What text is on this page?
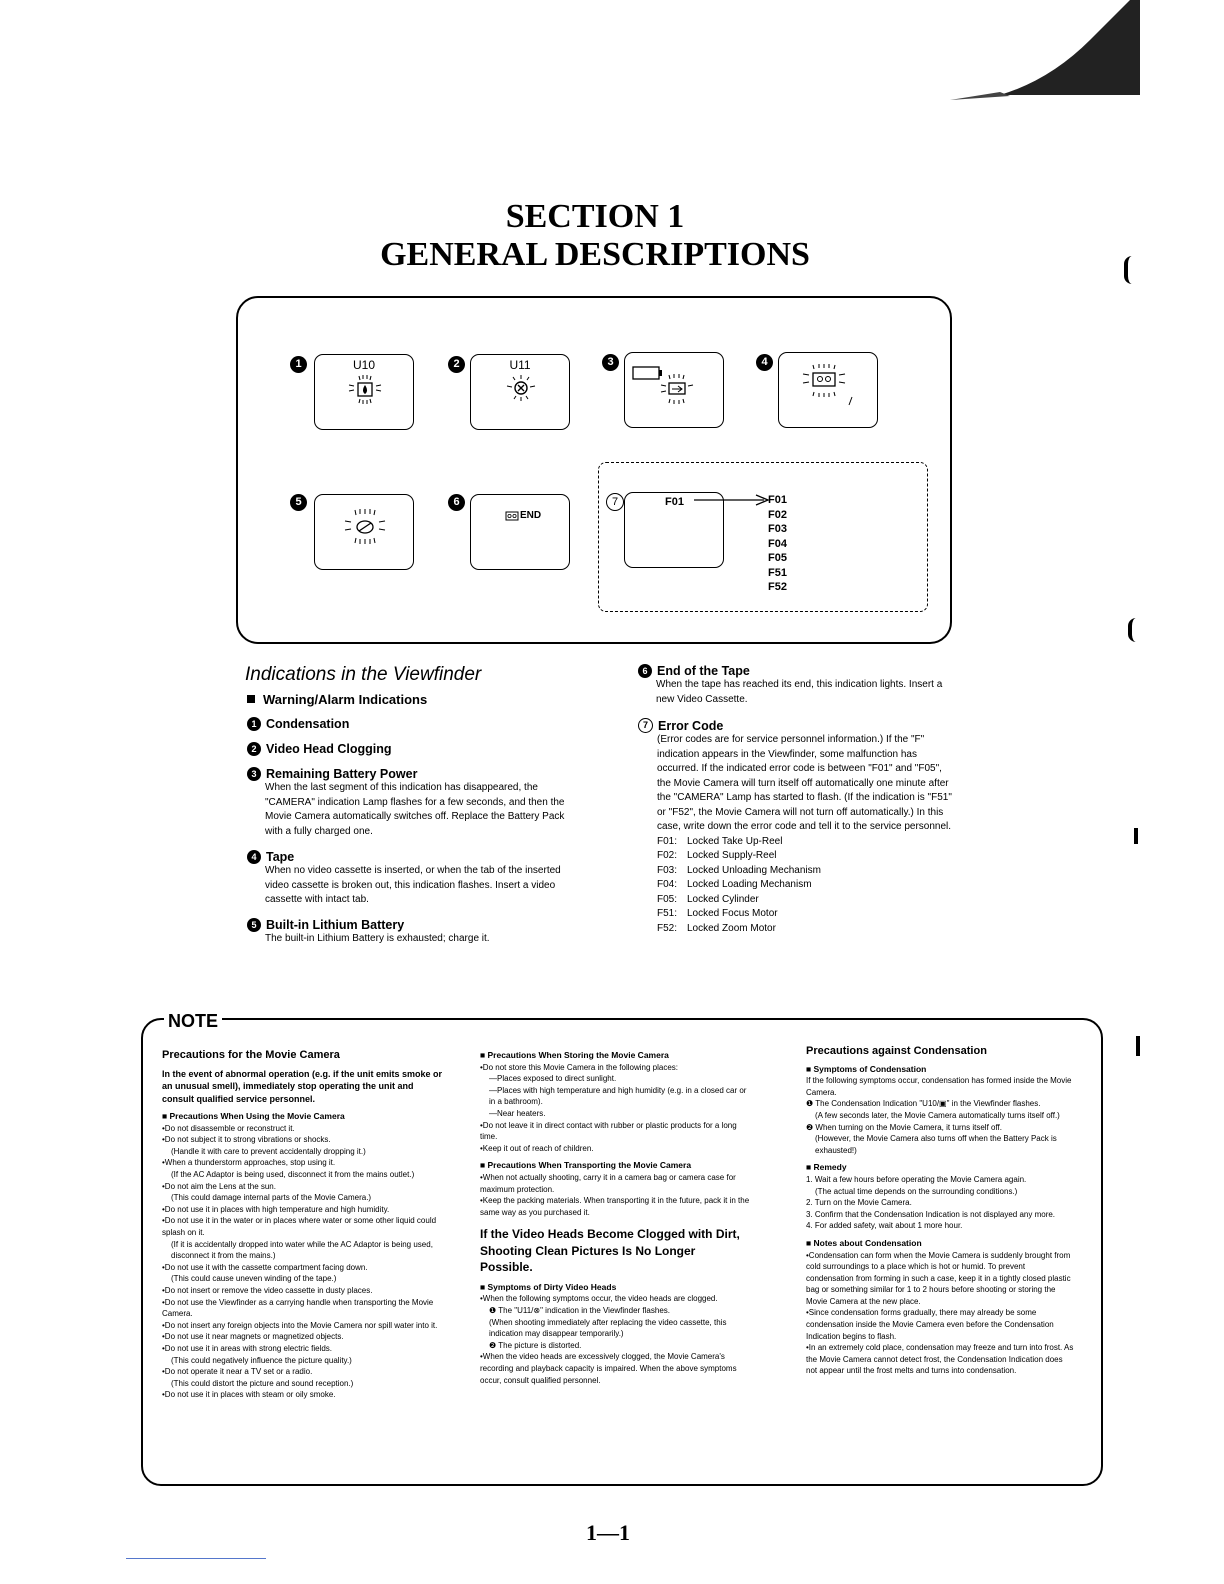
SECTION 1
GENERAL DESCRIPTIONS
1	U10	2	U11	3	4
5	6
END
7	F01	F01
F02
F03
F04
F05
F51
F52
Indications in the Viewfinder
Warning/Alarm Indications
1 Condensation
2 Video Head Clogging
3 Remaining Battery Power
When the last segment of this indication has disappeared, the "CAMERA" indication Lamp flashes for a few seconds, and then the Movie Camera automatically switches off. Replace the Battery Pack with a fully charged one.
4 Tape
When no video cassette is inserted, or when the tab of the inserted video cassette is broken out, this indication flashes. Insert a video cassette with intact tab.
5 Built-in Lithium Battery
The built-in Lithium Battery is exhausted; charge it.
6 End of the Tape
When the tape has reached its end, this indication lights. Insert a new Video Cassette.
7 Error Code
(Error codes are for service personnel information.) If the "F" indication appears in the Viewfinder, some malfunction has occurred. If the indicated error code is between "F01" and "F05", the Movie Camera will turn itself off automatically one minute after the "CAMERA" Lamp has started to flash. (If the indication is "F51" or "F52", the Movie Camera will not turn off automatically.) In this case, write down the error code and tell it to the service personnel.
F01: Locked Take Up-Reel
F02: Locked Supply-Reel
F03: Locked Unloading Mechanism
F04: Locked Loading Mechanism
F05: Locked Cylinder
F51: Locked Focus Motor
F52: Locked Zoom Motor
NOTE
Precautions for the Movie Camera

In the event of abnormal operation (e.g. if the unit emits smoke or an unusual smell), immediately stop operating the unit and consult qualified service personnel.

■ Precautions When Using the Movie Camera

•Do not disassemble or reconstruct it.

•Do not subject it to strong vibrations or shocks.

(Handle it with care to prevent accidentally dropping it.)

•When a thunderstorm approaches, stop using it.

(If the AC Adaptor is being used, disconnect it from the mains outlet.)

•Do not aim the Lens at the sun.

(This could damage internal parts of the Movie Camera.)

•Do not use it in places with high temperature and high humidity.

•Do not use it in the water or in places where water or some other liquid could splash on it.

(If it is accidentally dropped into water while the AC Adaptor is being used, disconnect it from the mains.)

•Do not use it with the cassette compartment facing down.

(This could cause uneven winding of the tape.)

•Do not insert or remove the video cassette in dusty places.

•Do not use the Viewfinder as a carrying handle when transporting the Movie Camera.

•Do not insert any foreign objects into the Movie Camera nor spill water into it.

•Do not use it near magnets or magnetized objects.

•Do not use it in areas with strong electric fields.

(This could negatively influence the picture quality.)

•Do not operate it near a TV set or a radio.

(This could distort the picture and sound reception.)

•Do not use it in places with steam or oily smoke.

■ Precautions When Storing the Movie Camera

•Do not store this Movie Camera in the following places:

—Places exposed to direct sunlight.

—Places with high temperature and high humidity (e.g. in a closed car or in a bathroom).

—Near heaters.

•Do not leave it in direct contact with rubber or plastic products for a long time.

•Keep it out of reach of children.

■ Precautions When Transporting the Movie Camera

•When not actually shooting, carry it in a camera bag or camera case for maximum protection.

•Keep the packing materials. When transporting it in the future, pack it in the same way as you purchased it.

If the Video Heads Become Clogged with Dirt, Shooting Clean Pictures Is No Longer Possible.

■ Symptoms of Dirty Video Heads

•When the following symptoms occur, the video heads are clogged.

❶ The "U11/⊗" indication in the Viewfinder flashes.

(When shooting immediately after replacing the video cassette, this indication may disappear temporarily.)

❷ The picture is distorted.

•When the video heads are excessively clogged, the Movie Camera's recording and playback capacity is impaired. When the above symptoms occur, consult qualified personnel.

Precautions against Condensation

■ Symptoms of Condensation

If the following symptoms occur, condensation has formed inside the Movie Camera.

❶ The Condensation Indication "U10/▣" in the Viewfinder flashes.

(A few seconds later, the Movie Camera automatically turns itself off.)

❷ When turning on the Movie Camera, it turns itself off.

(However, the Movie Camera also turns off when the Battery Pack is exhausted!)

■ Remedy

1. Wait a few hours before operating the Movie Camera again.

(The actual time depends on the surrounding conditions.)

2. Turn on the Movie Camera.

3. Confirm that the Condensation Indication is not displayed any more.

4. For added safety, wait about 1 more hour.

■ Notes about Condensation

•Condensation can form when the Movie Camera is suddenly brought from cold surroundings to a place which is hot or humid. To prevent condensation from forming in such a case, keep it in a tightly closed plastic bag or something similar for 1 to 2 hours before shooting or storing the Movie Camera at the new place.

•Since condensation forms gradually, there may already be some condensation inside the Movie Camera even before the Condensation Indication begins to flash.

•In an extremely cold place, condensation may freeze and turn into frost. As the Movie Camera cannot detect frost, the Condensation Indication does not appear until the frost melts and turns into condensation.

1—1
